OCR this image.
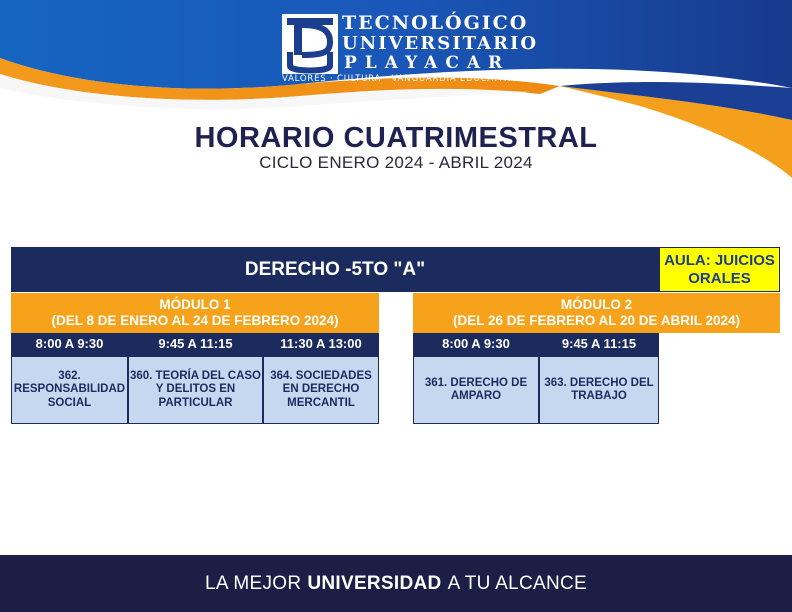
TECNOLÓGICO
UNIVERSITARIO
PLAYACAR
VALORES · CULTURA · VANGUARDIA EDUCATIVA
HORARIO CUATRIMESTRAL
CICLO ENERO 2024 - ABRIL 2024
DERECHO -5TO "A"	AULA: JUICIOS
ORALES
MÓDULO 1
(DEL 8 DE ENERO AL 24 DE FEBRERO 2024)
MÓDULO 2
(DEL 26 DE FEBRERO AL 20 DE ABRIL 2024)
8:00 A 9:30	9:45 A 11:15	11:30 A 13:00	8:00 A 9:30	9:45 A 11:15
362.
RESPONSABILIDAD
SOCIAL
360. TEORÍA DEL CASO
Y DELITOS EN
PARTICULAR
364. SOCIEDADES
EN DERECHO
MERCANTIL
361. DERECHO DE
AMPARO
363. DERECHO DEL
TRABAJO
LA MEJOR UNIVERSIDAD A TU ALCANCE
